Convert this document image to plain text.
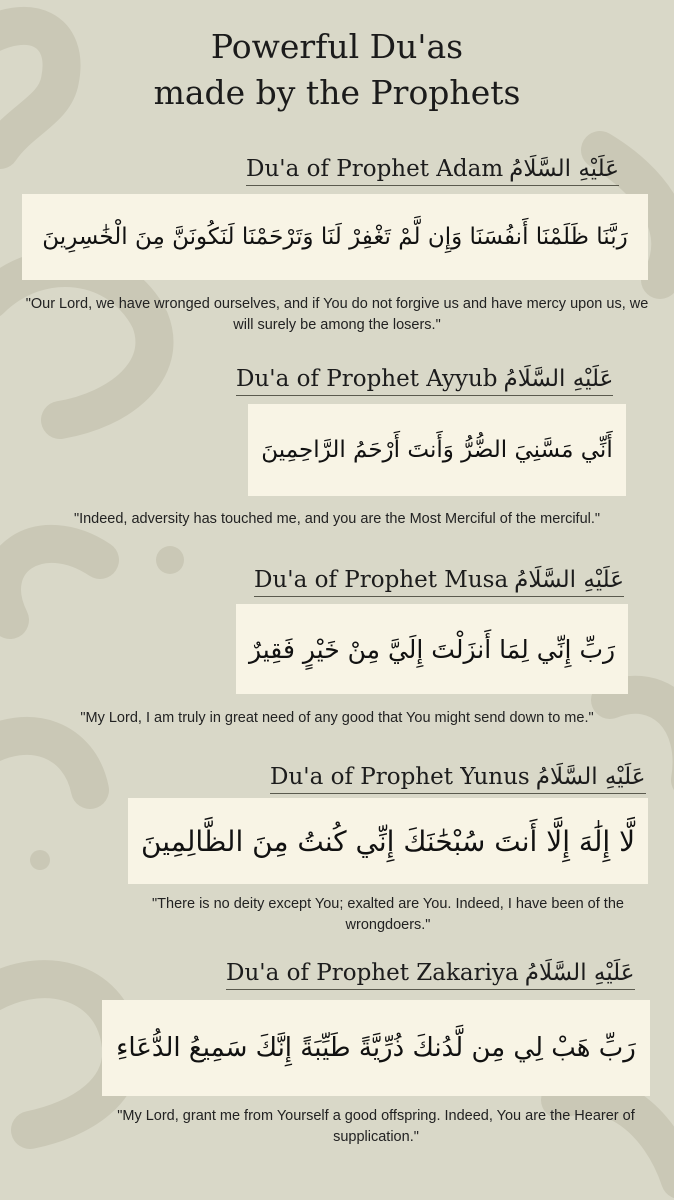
Powerful Du'as
made by the Prophets
Du'a of Prophet Adam عَلَيْهِ السَّلَامُ
رَبَّنَا ظَلَمْنَا أَنفُسَنَا وَإِن لَّمْ تَغْفِرْ لَنَا وَتَرْحَمْنَا لَنَكُونَنَّ مِنَ الْخَٰسِرِينَ
"Our Lord, we have wronged ourselves, and if You do not forgive us and have mercy upon us, we will surely be among the losers."
Du'a of Prophet Ayyub عَلَيْهِ السَّلَامُ
أَنِّي مَسَّنِيَ الضُّرُّ وَأَنتَ أَرْحَمُ الرَّاحِمِينَ
"Indeed, adversity has touched me, and you are the Most Merciful of the merciful."
Du'a of Prophet Musa عَلَيْهِ السَّلَامُ
رَبِّ إِنِّي لِمَا أَنزَلْتَ إِلَيَّ مِنْ خَيْرٍ فَقِيرٌ
"My Lord, I am truly in great need of any good that You might send down to me."
Du'a of Prophet Yunus عَلَيْهِ السَّلَامُ
لَّا إِلَٰهَ إِلَّا أَنتَ سُبْحَٰنَكَ إِنِّي كُنتُ مِنَ الظَّالِمِينَ
"There is no deity except You; exalted are You. Indeed, I have been of the wrongdoers."
Du'a of Prophet Zakariya عَلَيْهِ السَّلَامُ
رَبِّ هَبْ لِي مِن لَّدُنكَ ذُرِّيَّةً طَيِّبَةً إِنَّكَ سَمِيعُ الدُّعَاءِ
"My Lord, grant me from Yourself a good offspring. Indeed, You are the Hearer of supplication."
